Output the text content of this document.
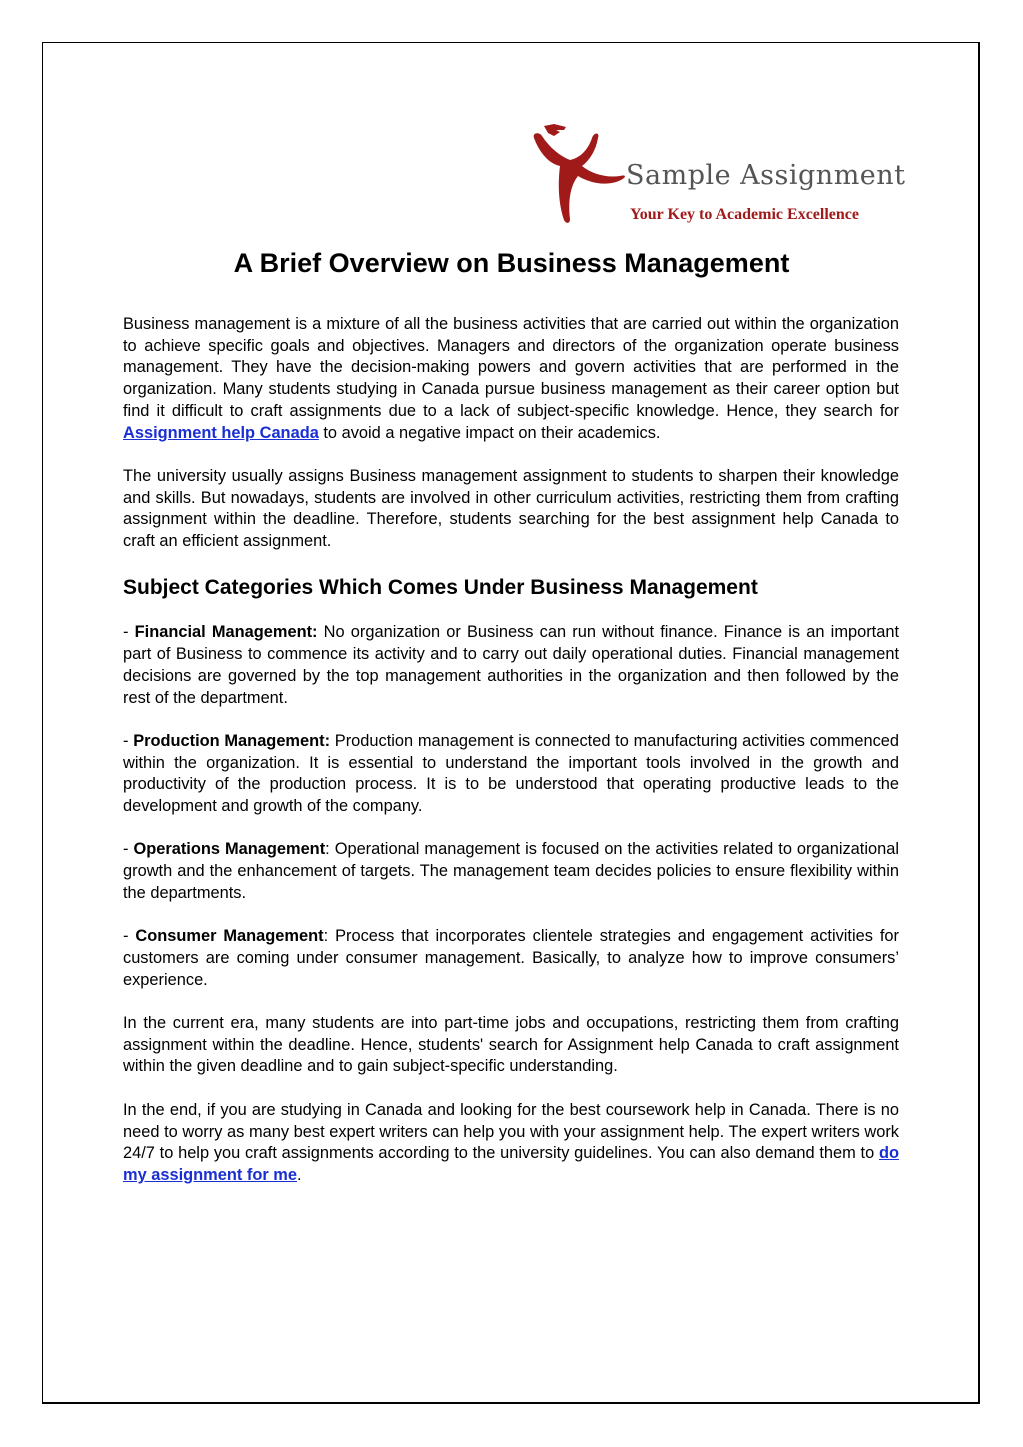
Sample Assignment
Your Key to Academic Excellence
A Brief Overview on Business Management

Business management is a mixture of all the business activities that are carried out within the organization to achieve specific goals and objectives. Managers and directors of the organization operate business management. They have the decision-making powers and govern activities that are performed in the organization. Many students studying in Canada pursue business management as their career option but find it difficult to craft assignments due to a lack of subject-specific knowledge. Hence, they search for Assignment help Canada to avoid a negative impact on their academics.

The university usually assigns Business management assignment to students to sharpen their knowledge and skills. But nowadays, students are involved in other curriculum activities, restricting them from crafting assignment within the deadline. Therefore, students searching for the best assignment help Canada to craft an efficient assignment.

Subject Categories Which Comes Under Business Management

- Financial Management: No organization or Business can run without finance. Finance is an important part of Business to commence its activity and to carry out daily operational duties. Financial management decisions are governed by the top management authorities in the organization and then followed by the rest of the department.

- Production Management: Production management is connected to manufacturing activities commenced within the organization. It is essential to understand the important tools involved in the growth and productivity of the production process. It is to be understood that operating productive leads to the development and growth of the company.

- Operations Management: Operational management is focused on the activities related to organizational growth and the enhancement of targets. The management team decides policies to ensure flexibility within the departments.

- Consumer Management: Process that incorporates clientele strategies and engagement activities for customers are coming under consumer management. Basically, to analyze how to improve consumers’ experience.

In the current era, many students are into part-time jobs and occupations, restricting them from crafting assignment within the deadline. Hence, students' search for Assignment help Canada to craft assignment within the given deadline and to gain subject-specific understanding.

In the end, if you are studying in Canada and looking for the best coursework help in Canada. There is no need to worry as many best expert writers can help you with your assignment help. The expert writers work 24/7 to help you craft assignments according to the university guidelines. You can also demand them to do my assignment for me.
